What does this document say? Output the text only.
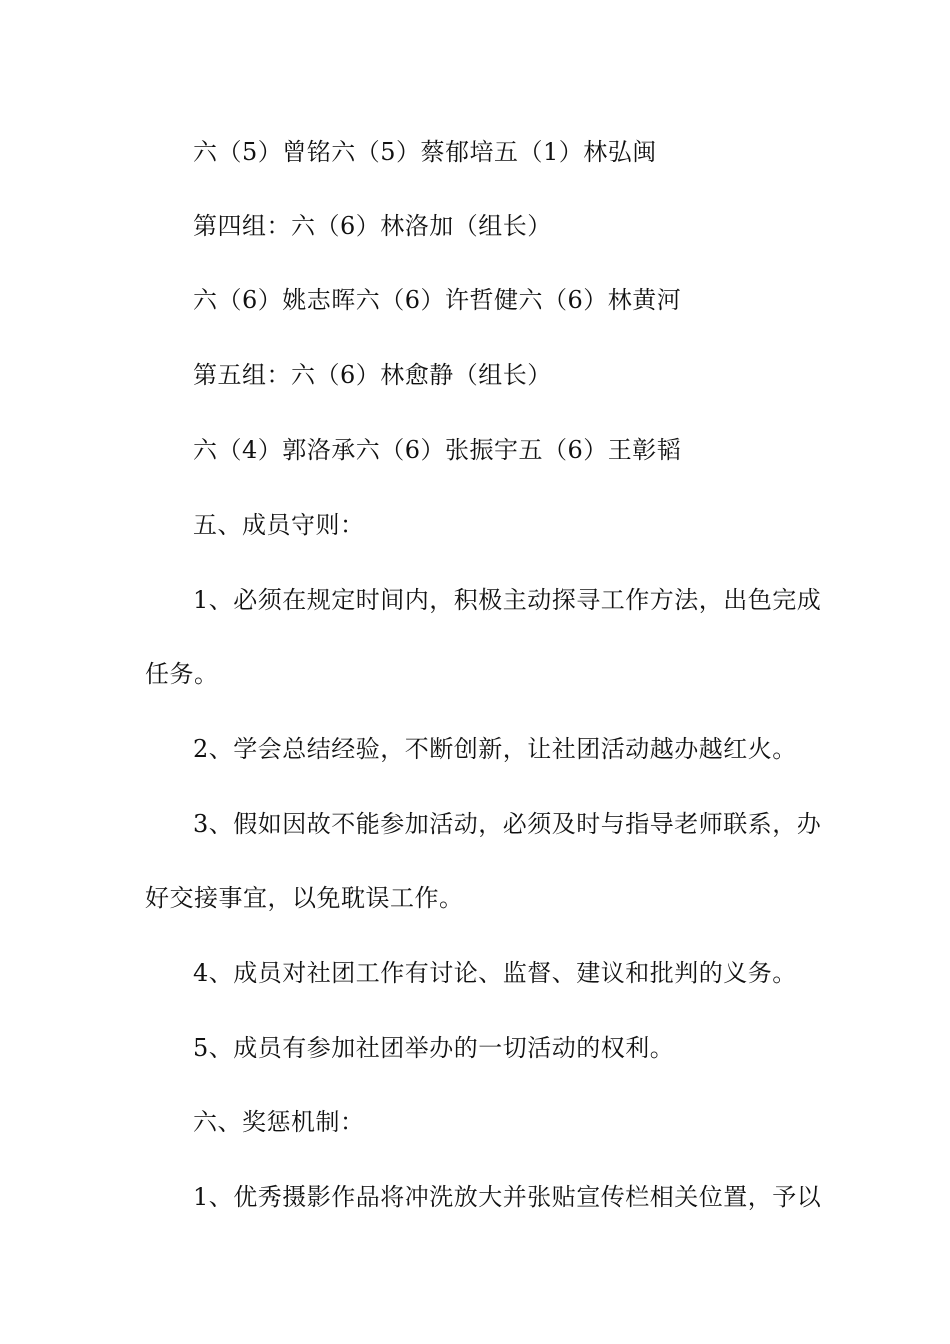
六（5）曾铭六（5）蔡郁培五（1）林弘闽
第四组：六（6）林洛加（组长）
六（6）姚志晖六（6）许哲健六（6）林黄河
第五组：六（6）林愈静（组长）
六（4）郭洛承六（6）张振宇五（6）王彰韬
五、成员守则：
1、必须在规定时间内，积极主动探寻工作方法，出色完成
任务。
2、学会总结经验，不断创新，让社团活动越办越红火。
3、假如因故不能参加活动，必须及时与指导老师联系，办
好交接事宜，以免耽误工作。
4、成员对社团工作有讨论、监督、建议和批判的义务。
5、成员有参加社团举办的一切活动的权利。
六、奖惩机制：
1、优秀摄影作品将冲洗放大并张贴宣传栏相关位置，予以
